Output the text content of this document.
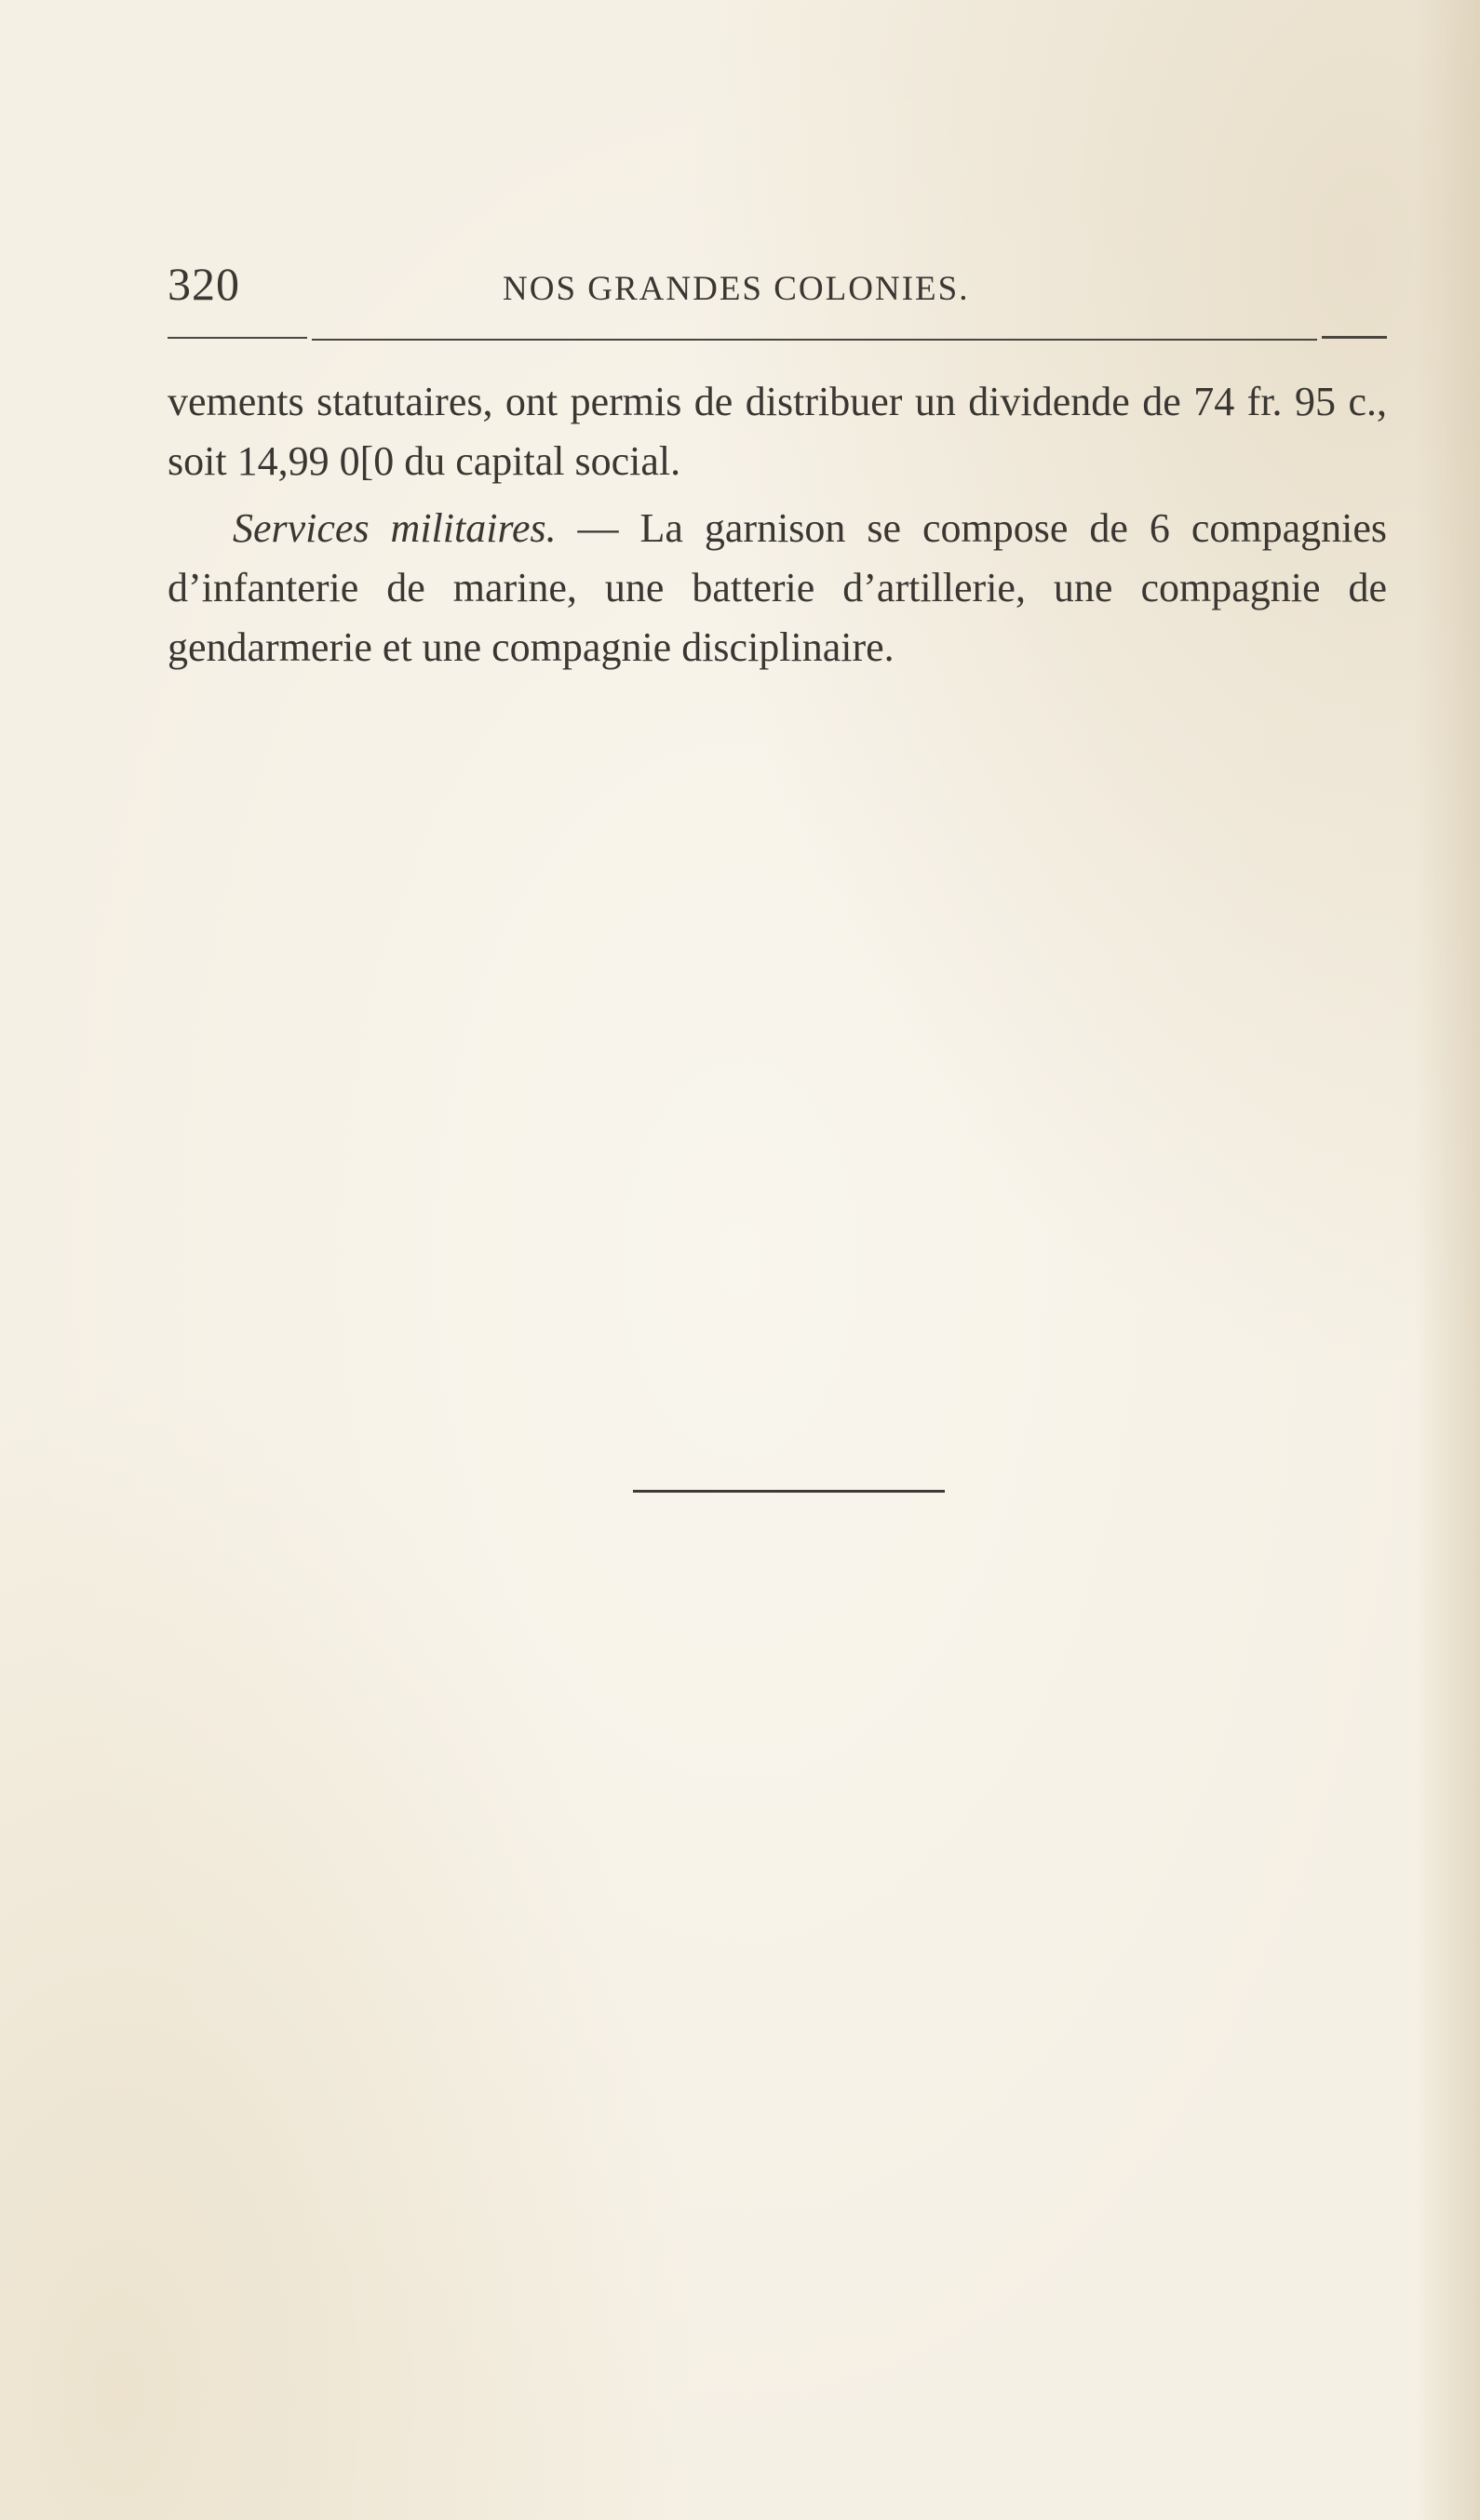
320	NOS GRANDES COLONIES.

vements statutaires, ont permis de distribuer un dividende de 74 fr. 95 c., soit 14,99 0[0 du capital social.

Services militaires. — La garnison se compose de 6 compagnies d’infanterie de marine, une batterie d’artillerie, une compagnie de gendarmerie et une compagnie disciplinaire.
